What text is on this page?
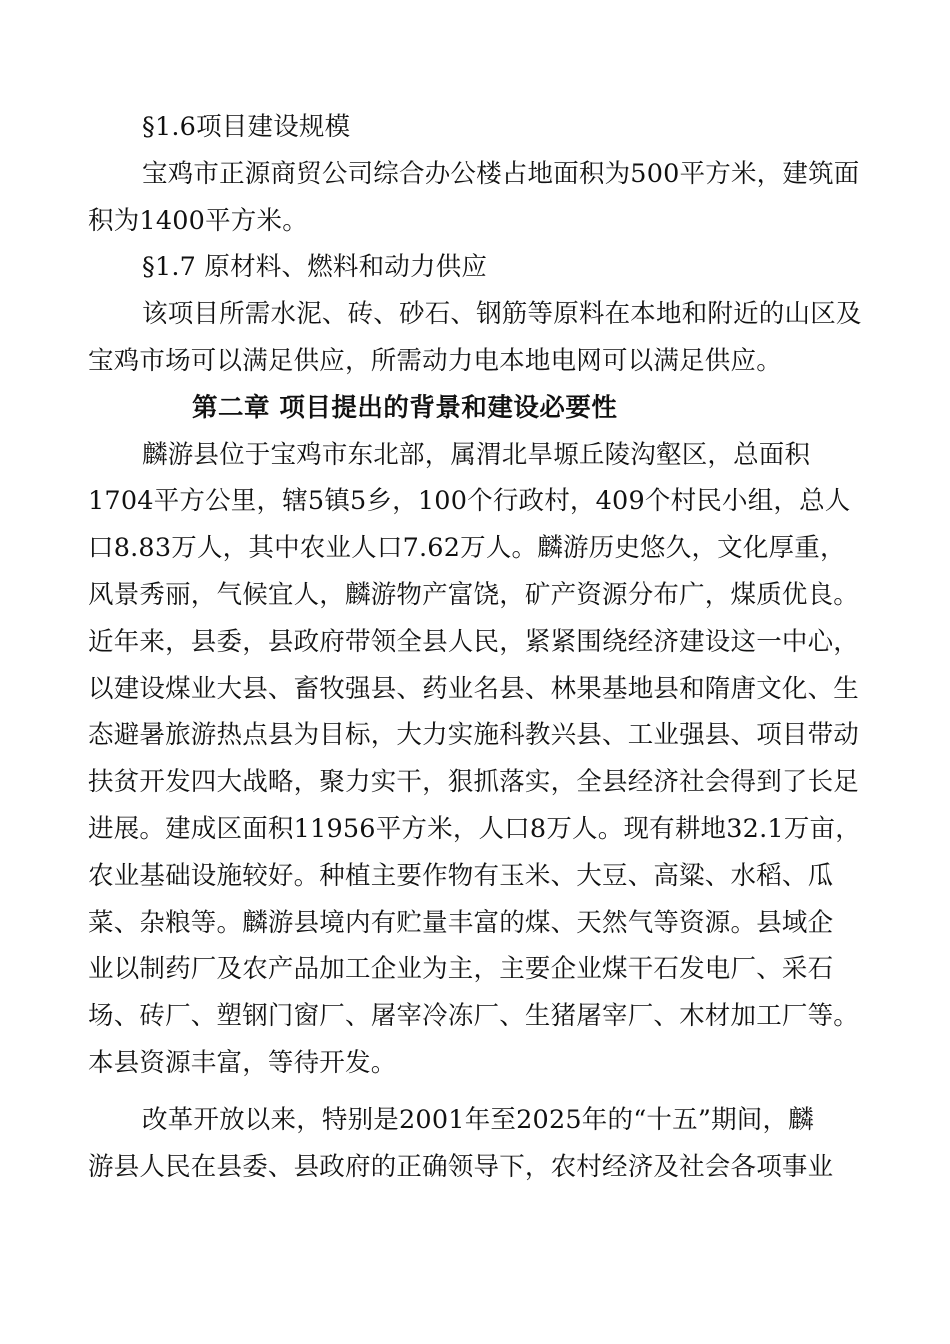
§1.6项目建设规模
宝鸡市正源商贸公司综合办公楼占地面积为500平方米，建筑面
积为1400平方米。
§1.7 原材料、燃料和动力供应
该项目所需水泥、砖、砂石、钢筋等原料在本地和附近的山区及
宝鸡市场可以满足供应，所需动力电本地电网可以满足供应。
第二章 项目提出的背景和建设必要性
麟游县位于宝鸡市东北部，属渭北旱塬丘陵沟壑区，总面积
1704平方公里，辖5镇5乡，100个行政村，409个村民小组，总人
口8.83万人，其中农业人口7.62万人。麟游历史悠久，文化厚重，
风景秀丽，气候宜人，麟游物产富饶，矿产资源分布广，煤质优良。
近年来，县委，县政府带领全县人民，紧紧围绕经济建设这一中心，
以建设煤业大县、畜牧强县、药业名县、林果基地县和隋唐文化、生
态避暑旅游热点县为目标，大力实施科教兴县、工业强县、项目带动
扶贫开发四大战略，聚力实干，狠抓落实，全县经济社会得到了长足
进展。建成区面积11956平方米，人口8万人。现有耕地32.1万亩，
农业基础设施较好。种植主要作物有玉米、大豆、高粱、水稻、瓜
菜、杂粮等。麟游县境内有贮量丰富的煤、天然气等资源。县域企
业以制药厂及农产品加工企业为主，主要企业煤干石发电厂、采石
场、砖厂、塑钢门窗厂、屠宰冷冻厂、生猪屠宰厂、木材加工厂等。
本县资源丰富，等待开发。
改革开放以来，特别是2001年至2025年的“十五”期间，麟
游县人民在县委、县政府的正确领导下，农村经济及社会各项事业
